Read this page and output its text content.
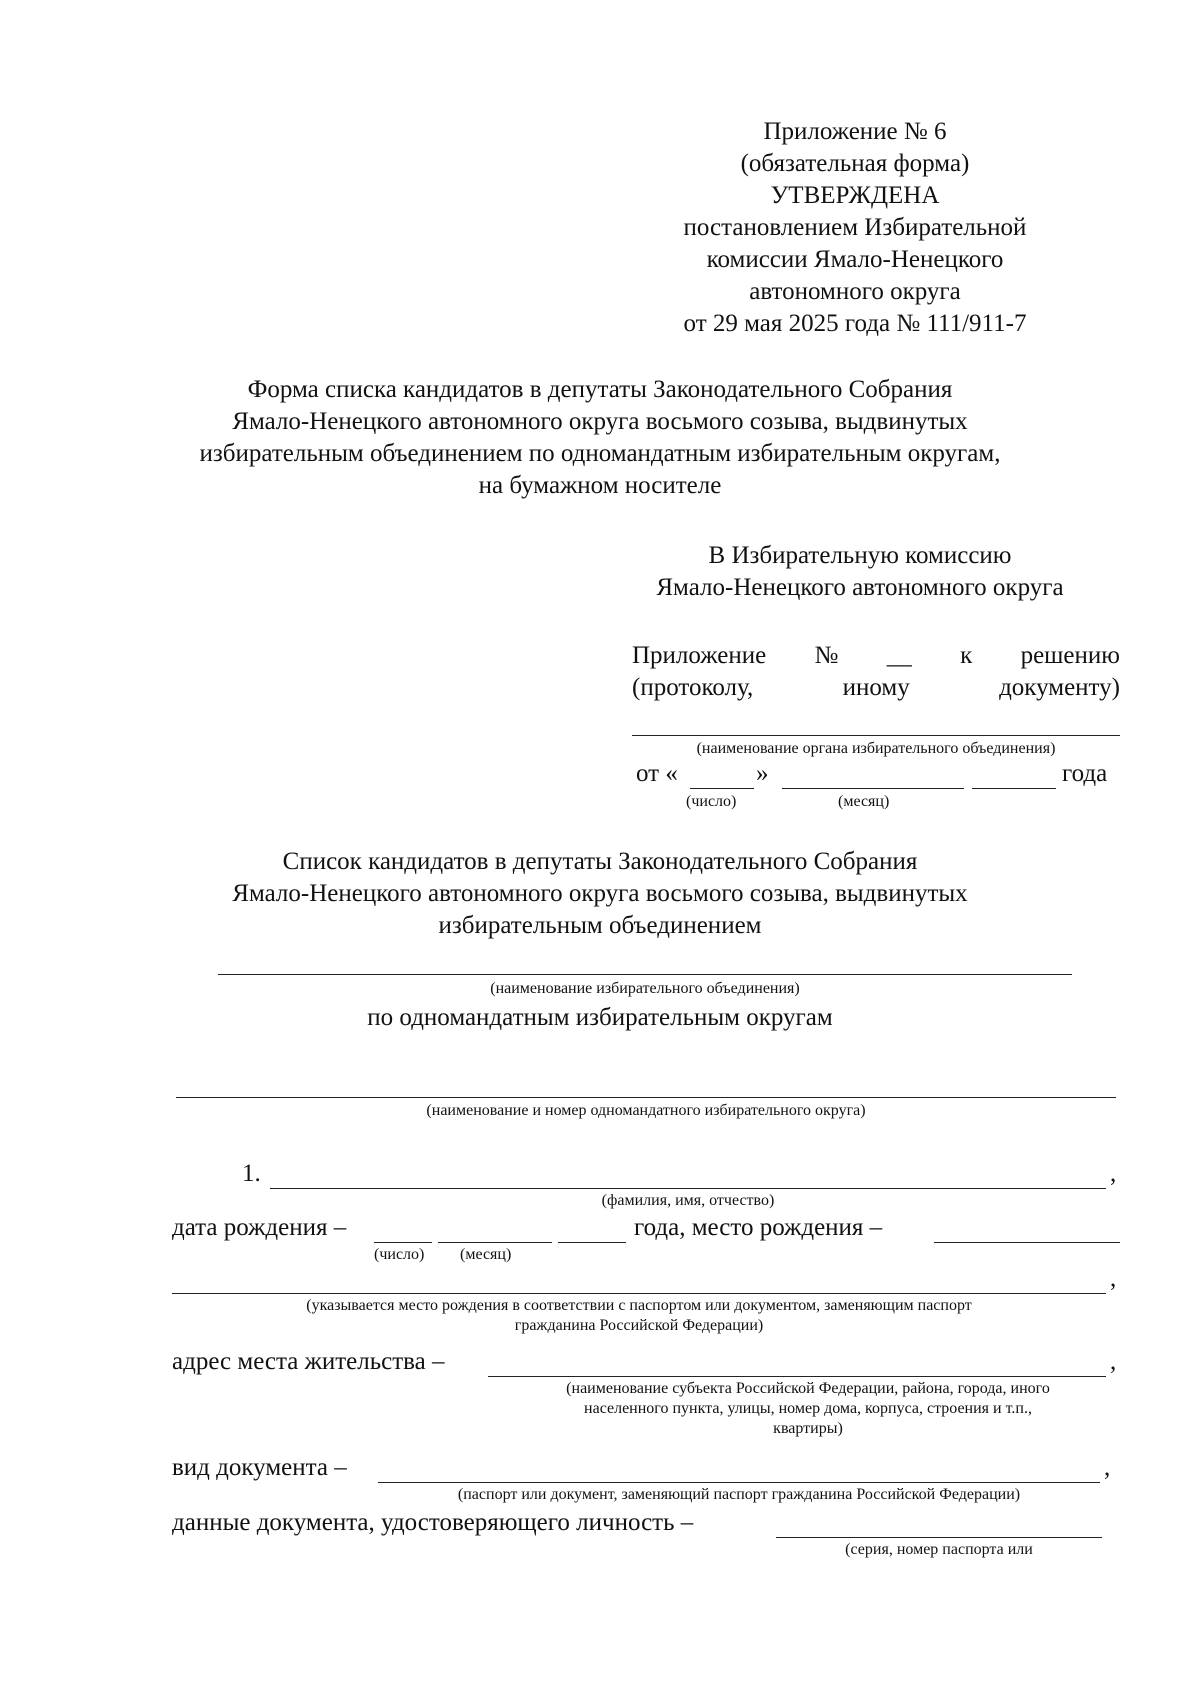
Приложение № 6
(обязательная форма)
УТВЕРЖДЕНА
постановлением Избирательной
комиссии Ямало-Ненецкого
автономного округа
от 29 мая 2025 года № 111/911-7
Форма списка кандидатов в депутаты Законодательного Собрания
Ямало-Ненецкого автономного округа восьмого созыва, выдвинутых
избирательным объединением по одномандатным избирательным округам,
на бумажном носителе
В Избирательную комиссию
Ямало-Ненецкого автономного округа
Приложение № __ к решению
(протоколу,	иному	документу)
(наименование органа избирательного объединения)
от «	»	года
(число)	(месяц)
Список кандидатов в депутаты Законодательного Собрания
Ямало-Ненецкого автономного округа восьмого созыва, выдвинутых
избирательным объединением
(наименование избирательного объединения)
по одномандатным избирательным округам
(наименование и номер одномандатного избирательного округа)
1.	,
(фамилия, имя, отчество)
дата рождения –	года, место рождения –
(число) (месяц)
,
(указывается место рождения в соответствии с паспортом или документом, заменяющим паспорт
гражданина Российской Федерации)
адрес места жительства –	,
(наименование субъекта Российской Федерации, района, города, иного
населенного пункта, улицы, номер дома, корпуса, строения и т.п.,
квартиры)
вид документа –	,
(паспорт или документ, заменяющий паспорт гражданина Российской Федерации)
данные документа, удостоверяющего личность –
(серия, номер паспорта или
